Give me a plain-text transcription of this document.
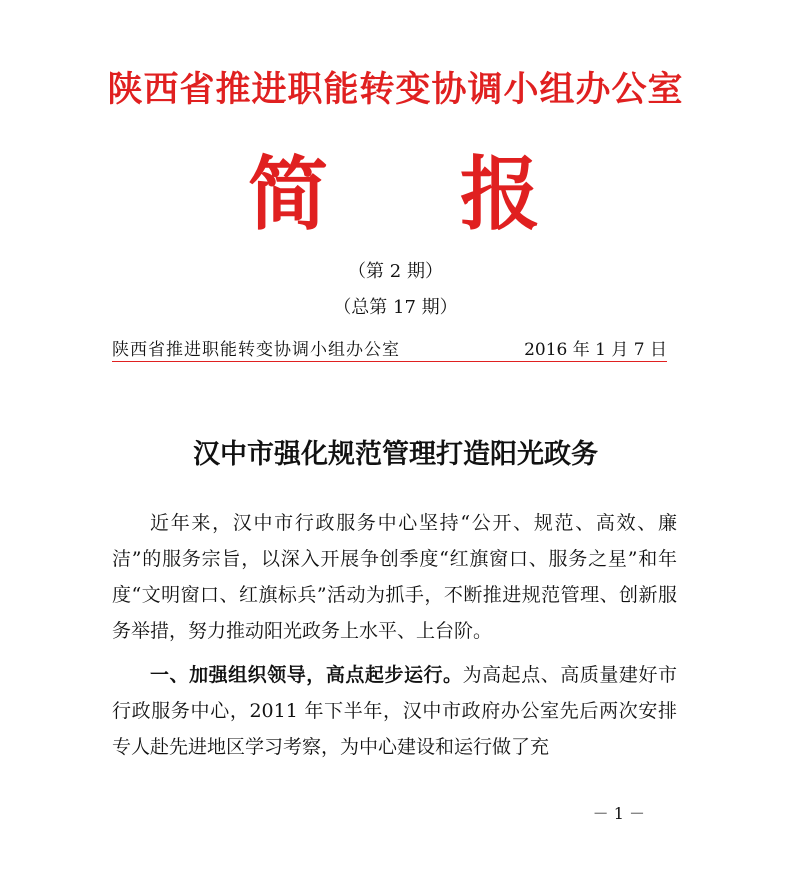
陕西省推进职能转变协调小组办公室
简 报
（第 2 期）
（总第 17 期）
陕西省推进职能转变协调小组办公室	2016 年 1 月 7 日
汉中市强化规范管理打造阳光政务
近年来，汉中市行政服务中心坚持“公开、规范、高效、廉洁”的服务宗旨，以深入开展争创季度“红旗窗口、服务之星”和年度“文明窗口、红旗标兵”活动为抓手，不断推进规范管理、创新服务举措，努力推动阳光政务上水平、上台阶。
一、加强组织领导，高点起步运行。为高起点、高质量建好市行政服务中心，2011 年下半年，汉中市政府办公室先后两次安排专人赴先进地区学习考察，为中心建设和运行做了充
－ 1 －
